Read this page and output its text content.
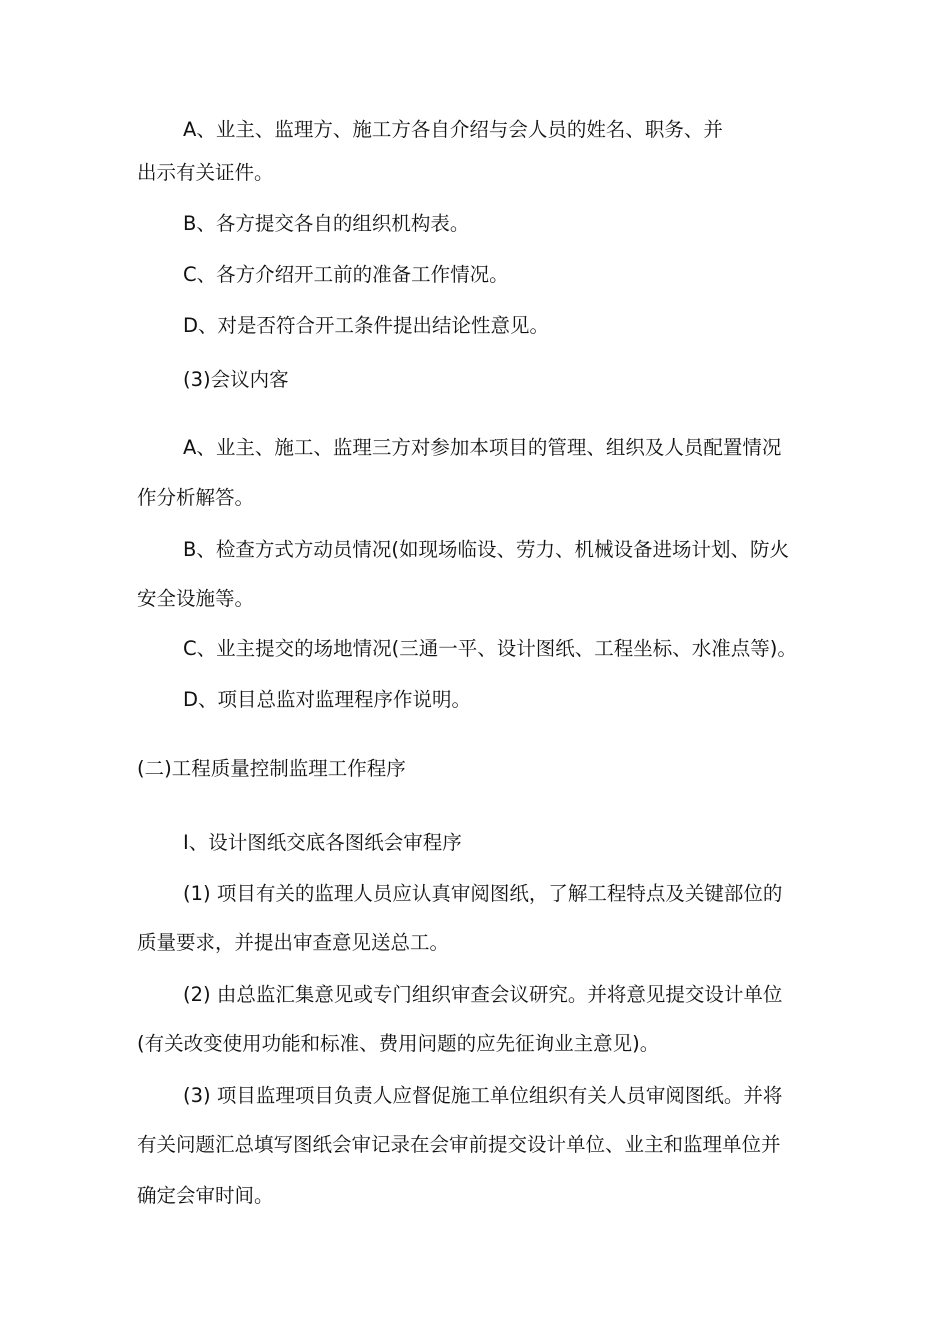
A、业主、监理方、施工方各自介绍与会人员的姓名、职务、并

出示有关证件。

B、各方提交各自的组织机构表。

C、各方介绍开工前的准备工作情况。

D、对是否符合开工条件提出结论性意见。

(3)会议内客

A、业主、施工、监理三方对参加本项目的管理、组织及人员配置情况

作分析解答。

B、检查方式方动员情况(如现场临设、劳力、机械设备进场计划、防火

安全设施等。

C、业主提交的场地情况(三通一平、设计图纸、工程坐标、水准点等)。

D、项目总监对监理程序作说明。

(二)工程质量控制监理工作程序

I、设计图纸交底各图纸会审程序

(1) 项目有关的监理人员应认真审阅图纸，了解工程特点及关键部位的

质量要求，并提出审查意见送总工。

(2) 由总监汇集意见或专门组织审查会议研究。并将意见提交设计单位

(有关改变使用功能和标准、费用问题的应先征询业主意见)。

(3) 项目监理项目负责人应督促施工单位组织有关人员审阅图纸。并将

有关问题汇总填写图纸会审记录在会审前提交设计单位、业主和监理单位并

确定会审时间。
